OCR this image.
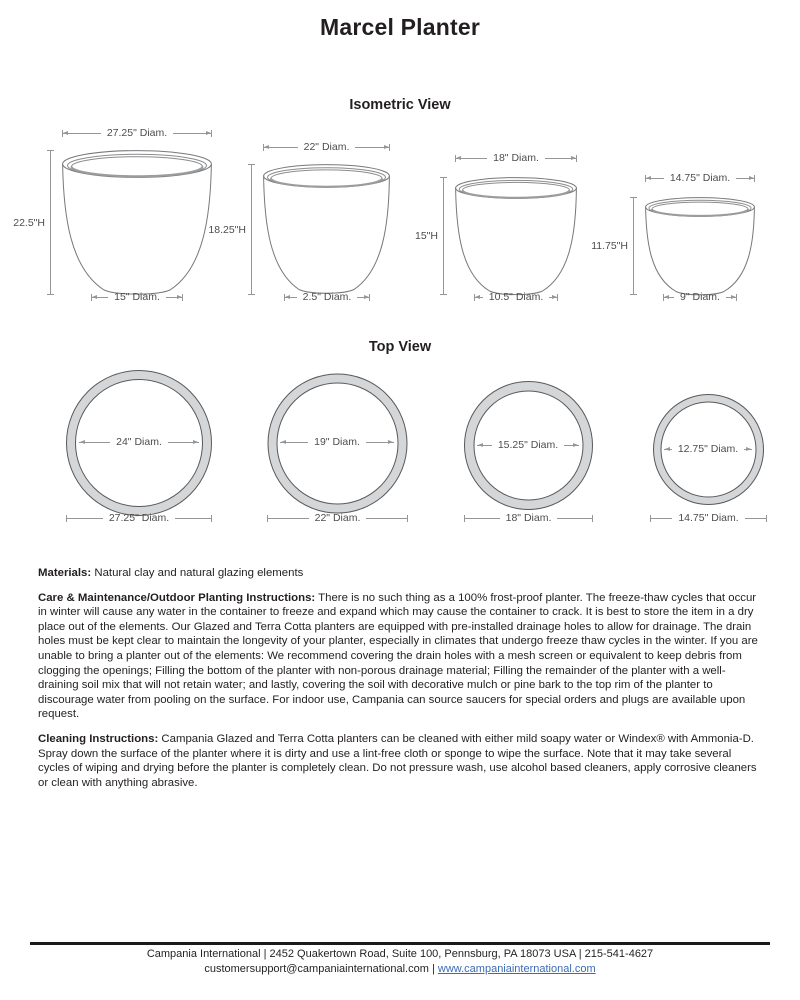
Marcel Planter
Isometric View
27.25" Diam.
22.5"H
15" Diam.
22" Diam.
18.25"H
2.5" Diam.
18" Diam.
15"H
10.5" Diam.
14.75" Diam.
11.75"H
9" Diam.
Top View
24" Diam.
27.25" Diam.
19" Diam.
22" Diam.
15.25" Diam.
18" Diam.
12.75" Diam.
14.75" Diam.

Materials: Natural clay and natural glazing elements

Care & Maintenance/Outdoor Planting Instructions: There is no such thing as a 100% frost-proof planter. The freeze-thaw cycles that occur in winter will cause any water in the container to freeze and expand which may cause the container to crack. It is best to store the item in a dry place out of the elements. Our Glazed and Terra Cotta planters are equipped with pre-installed drainage holes to allow for drainage. The drain holes must be kept clear to maintain the longevity of your planter, especially in climates that undergo freeze thaw cycles in the winter. If you are unable to bring a planter out of the elements: We recommend covering the drain holes with a mesh screen or equivalent to keep debris from clogging the openings; Filling the bottom of the planter with non-porous drainage material; Filling the remainder of the planter with a well-draining soil mix that will not retain water; and lastly, covering the soil with decorative mulch or pine bark to the top rim of the planter to discourage water from pooling on the surface. For indoor use, Campania can source saucers for special orders and plugs are available upon request.

Cleaning Instructions: Campania Glazed and Terra Cotta planters can be cleaned with either mild soapy water or Windex® with Ammonia-D. Spray down the surface of the planter where it is dirty and use a lint-free cloth or sponge to wipe the surface. Note that it may take several cycles of wiping and drying before the planter is completely clean. Do not pressure wash, use alcohol based cleaners, apply corrosive cleaners or clean with anything abrasive.

Campania International | 2452 Quakertown Road, Suite 100, Pennsburg, PA 18073 USA | 215-541-4627
customersupport@campaniainternational.com | www.campaniainternational.com
